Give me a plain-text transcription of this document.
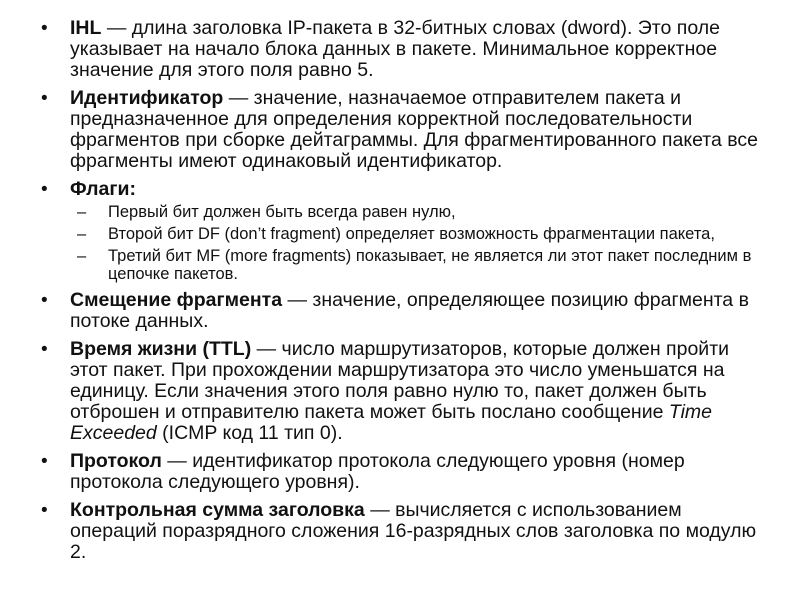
• IHL — длина заголовка IP-пакета в 32-битных словах (dword). Это поле указывает на начало блока данных в пакете. Минимальное корректное значение для этого поля равно 5.
• Идентификатор — значение, назначаемое отправителем пакета и предназначенное для определения корректной последовательности фрагментов при сборке дейтаграммы. Для фрагментированного пакета все фрагменты имеют одинаковый идентификатор.
• Флаги:
– Первый бит должен быть всегда равен нулю,
– Второй бит DF (don’t fragment) определяет возможность фрагментации пакета,
– Третий бит MF (more fragments) показывает, не является ли этот пакет последним в цепочке пакетов.
• Смещение фрагмента — значение, определяющее позицию фрагмента в потоке данных.
• Время жизни (TTL) — число маршрутизаторов, которые должен пройти этот пакет. При прохождении маршрутизатора это число уменьшатся на единицу. Если значения этого поля равно нулю то, пакет должен быть отброшен и отправителю пакета может быть послано сообщение Time Exceeded (ICMP код 11 тип 0).
• Протокол — идентификатор протокола следующего уровня (номер протокола следующего уровня).
• Контрольная сумма заголовка — вычисляется с использованием операций поразрядного сложения 16-разрядных слов заголовка по модулю 2.
